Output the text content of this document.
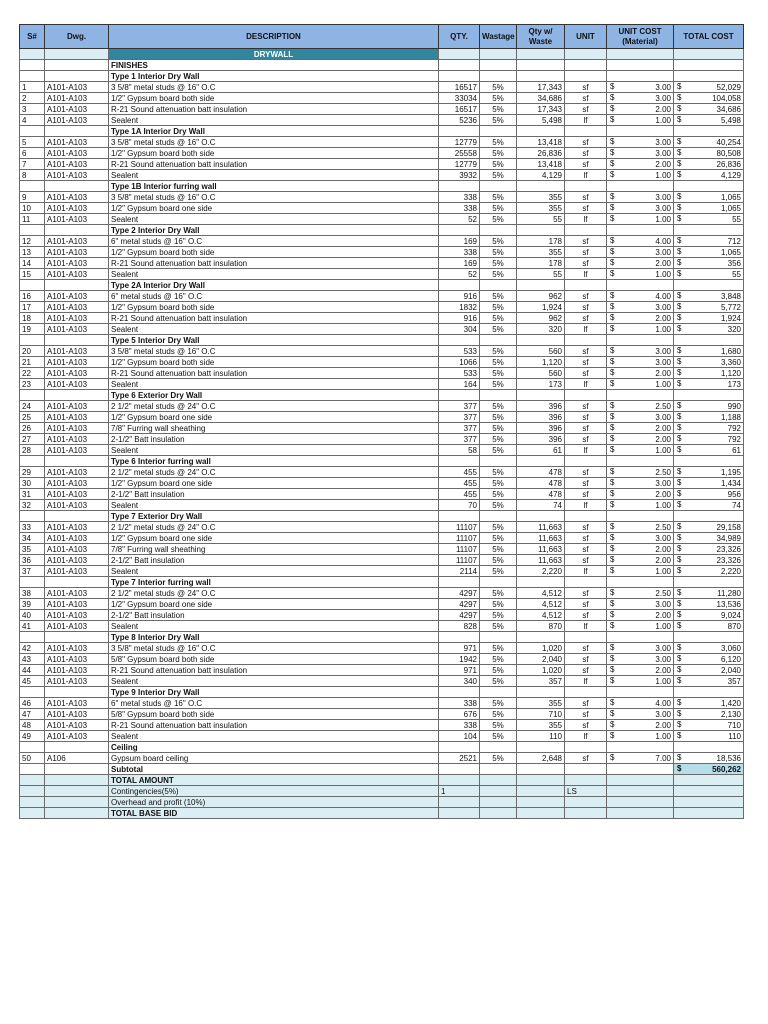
S#	Dwg.	DESCRIPTION	QTY.	Wastage	Qty w/ Waste	UNIT	UNIT COST (Material)	TOTAL COST
		DRYWALL						
		FINISHES						
		Type 1 Interior Dry Wall						
1	A101-A103	3 5/8" metal studs @ 16" O.C	16517	5%	17,343	sf	$ 3.00	$ 52,029
2	A101-A103	1/2" Gypsum board both side	33034	5%	34,686	sf	$ 3.00	$ 104,058
3	A101-A103	R-21 Sound attenuation batt insulation	16517	5%	17,343	sf	$ 2.00	$ 34,686
4	A101-A103	Sealent	5236	5%	5,498	lf	$ 1.00	$ 5,498
		Type 1A Interior Dry Wall						
5	A101-A103	3 5/8" metal studs @ 16" O.C	12779	5%	13,418	sf	$ 3.00	$ 40,254
6	A101-A103	1/2" Gypsum board both side	25558	5%	26,836	sf	$ 3.00	$ 80,508
7	A101-A103	R-21 Sound attenuation batt insulation	12779	5%	13,418	sf	$ 2.00	$ 26,836
8	A101-A103	Sealent	3932	5%	4,129	lf	$ 1.00	$ 4,129
		Type 1B Interior furring wall						
9	A101-A103	3 5/8" metal studs @ 16" O.C	338	5%	355	sf	$ 3.00	$ 1,065
10	A101-A103	1/2" Gypsum board one side	338	5%	355	sf	$ 3.00	$ 1,065
11	A101-A103	Sealent	52	5%	55	lf	$ 1.00	$ 55
		Type 2 Interior Dry Wall						
12	A101-A103	6" metal studs @ 16" O.C	169	5%	178	sf	$ 4.00	$ 712
13	A101-A103	1/2" Gypsum board both side	338	5%	355	sf	$ 3.00	$ 1,065
14	A101-A103	R-21 Sound attenuation batt insulation	169	5%	178	sf	$ 2.00	$ 356
15	A101-A103	Sealent	52	5%	55	lf	$ 1.00	$ 55
		Type 2A Interior Dry Wall						
16	A101-A103	6" metal studs @ 16" O.C	916	5%	962	sf	$ 4.00	$ 3,848
17	A101-A103	1/2" Gypsum board both side	1832	5%	1,924	sf	$ 3.00	$ 5,772
18	A101-A103	R-21 Sound attenuation batt insulation	916	5%	962	sf	$ 2.00	$ 1,924
19	A101-A103	Sealent	304	5%	320	lf	$ 1.00	$ 320
		Type 5 Interior Dry Wall						
20	A101-A103	3 5/8" metal studs @ 16" O.C	533	5%	560	sf	$ 3.00	$ 1,680
21	A101-A103	1/2" Gypsum board both side	1066	5%	1,120	sf	$ 3.00	$ 3,360
22	A101-A103	R-21 Sound attenuation batt insulation	533	5%	560	sf	$ 2.00	$ 1,120
23	A101-A103	Sealent	164	5%	173	lf	$ 1.00	$ 173
		Type 6 Exterior Dry Wall						
24	A101-A103	2 1/2" metal studs @ 24" O.C	377	5%	396	sf	$ 2.50	$ 990
25	A101-A103	1/2" Gypsum board one side	377	5%	396	sf	$ 3.00	$ 1,188
26	A101-A103	7/8" Furring wall sheathing	377	5%	396	sf	$ 2.00	$ 792
27	A101-A103	2-1/2" Batt insulation	377	5%	396	sf	$ 2.00	$ 792
28	A101-A103	Sealent	58	5%	61	lf	$ 1.00	$ 61
		Type 6 Interior furring wall						
29	A101-A103	2 1/2" metal studs @ 24" O.C	455	5%	478	sf	$ 2.50	$ 1,195
30	A101-A103	1/2" Gypsum board one side	455	5%	478	sf	$ 3.00	$ 1,434
31	A101-A103	2-1/2" Batt insulation	455	5%	478	sf	$ 2.00	$ 956
32	A101-A103	Sealent	70	5%	74	lf	$ 1.00	$ 74
		Type 7 Exterior Dry Wall						
33	A101-A103	2 1/2" metal studs @ 24" O.C	11107	5%	11,663	sf	$ 2.50	$ 29,158
34	A101-A103	1/2" Gypsum board one side	11107	5%	11,663	sf	$ 3.00	$ 34,989
35	A101-A103	7/8" Furring wall sheathing	11107	5%	11,663	sf	$ 2.00	$ 23,326
36	A101-A103	2-1/2" Batt insulation	11107	5%	11,663	sf	$ 2.00	$ 23,326
37	A101-A103	Sealent	2114	5%	2,220	lf	$ 1.00	$ 2,220
		Type 7 Interior furring wall						
38	A101-A103	2 1/2" metal studs @ 24" O.C	4297	5%	4,512	sf	$ 2.50	$ 11,280
39	A101-A103	1/2" Gypsum board one side	4297	5%	4,512	sf	$ 3.00	$ 13,536
40	A101-A103	2-1/2" Batt insulation	4297	5%	4,512	sf	$ 2.00	$ 9,024
41	A101-A103	Sealent	828	5%	870	lf	$ 1.00	$ 870
		Type 8 Interior Dry Wall						
42	A101-A103	3 5/8" metal studs @ 16" O.C	971	5%	1,020	sf	$ 3.00	$ 3,060
43	A101-A103	5/8" Gypsum board both side	1942	5%	2,040	sf	$ 3.00	$ 6,120
44	A101-A103	R-21 Sound attenuation batt insulation	971	5%	1,020	sf	$ 2.00	$ 2,040
45	A101-A103	Sealent	340	5%	357	lf	$ 1.00	$ 357
		Type 9 Interior Dry Wall						
46	A101-A103	6" metal studs @ 16" O.C	338	5%	355	sf	$ 4.00	$ 1,420
47	A101-A103	5/8" Gypsum board both side	676	5%	710	sf	$ 3.00	$ 2,130
48	A101-A103	R-21 Sound attenuation batt insulation	338	5%	355	sf	$ 2.00	$ 710
49	A101-A103	Sealent	104	5%	110	lf	$ 1.00	$ 110
		Ceiling						
50	A106	Gypsum board ceiling	2521	5%	2,648	sf	$ 7.00	$ 18,536
		Subtotal						$ 560,262
		TOTAL AMOUNT						
		Contingencies(5%)	1			LS		
		Overhead and profit (10%)						
		TOTAL BASE BID						
